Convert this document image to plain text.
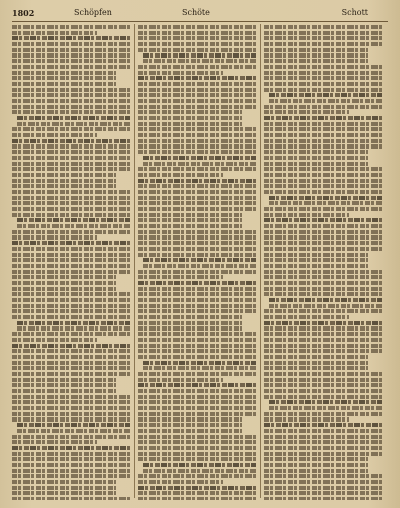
1802	Schöpfen	Schöte	Schott
